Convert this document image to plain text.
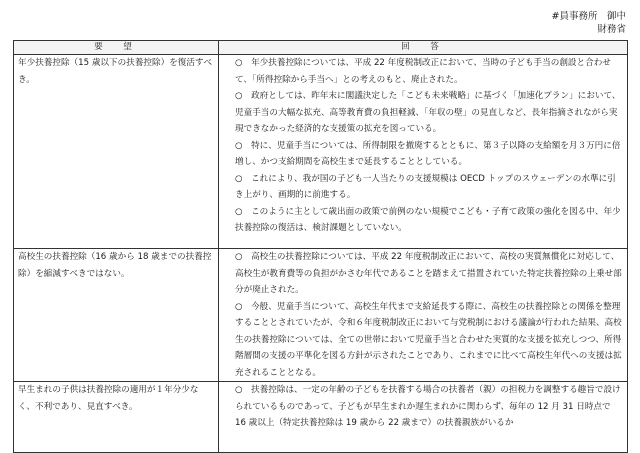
#員事務所　御中
財務省
要　望	回　答
年少扶養控除（15 歳以下の扶養控除）を復活すべき。	○　年少扶養控除については、平成 22 年度税制改正において、当時の子ども手当の創設と合わせて、「所得控除から手当へ」との考えのもと、廃止された。
○　政府としては、昨年末に閣議決定した「こども未来戦略」に基づく「加速化プラン」において、児童手当の大幅な拡充、高等教育費の負担軽減、「年収の壁」の見直しなど、長年指摘されながら実現できなかった経済的な支援策の拡充を図っている。
○　特に、児童手当については、所得制限を撤廃するとともに、第３子以降の支給額を月３万円に倍増し、かつ支給期間を高校生まで延長することとしている。
○　これにより、我が国の子ども一人当たりの支援規模は OECD トップのスウェーデンの水準に引き上がり、画期的に前進する。
○　このように主として歳出面の政策で前例のない規模でこども・子育て政策の強化を図る中、年少扶養控除の復活は、検討課題としていない。

高校生の扶養控除（16 歳から 18 歳までの扶養控除）を縮減すべきではない。	○　高校生の扶養控除については、平成 22 年度税制改正において、高校の実質無償化に対応して、高校生が教育費等の負担がかさむ年代であることを踏まえて措置されていた特定扶養控除の上乗せ部分が廃止された。
○　今般、児童手当について、高校生年代まで支給延長する際に、高校生の扶養控除との関係を整理することとされていたが、令和６年度税制改正において与党税制における議論が行われた結果、高校生の扶養控除については、全ての世帯において児童手当と合わせた実質的な支援を拡充しつつ、所得階層間の支援の平準化を図る方針が示されたことであり、これまでに比べて高校生年代への支援は拡充されることとなる。

早生まれの子供は扶養控除の適用が１年分少なく、不利であり、見直すべき。	○　扶養控除は、一定の年齢の子どもを扶養する場合の扶養者（親）の担税力を調整する趣旨で設けられているものであって、子どもが早生まれか遅生まれかに関わらず、毎年の 12 月 31 日時点で 16 歳以上（特定扶養控除は 19 歳から 22 歳まで）の扶養親族がいるか
